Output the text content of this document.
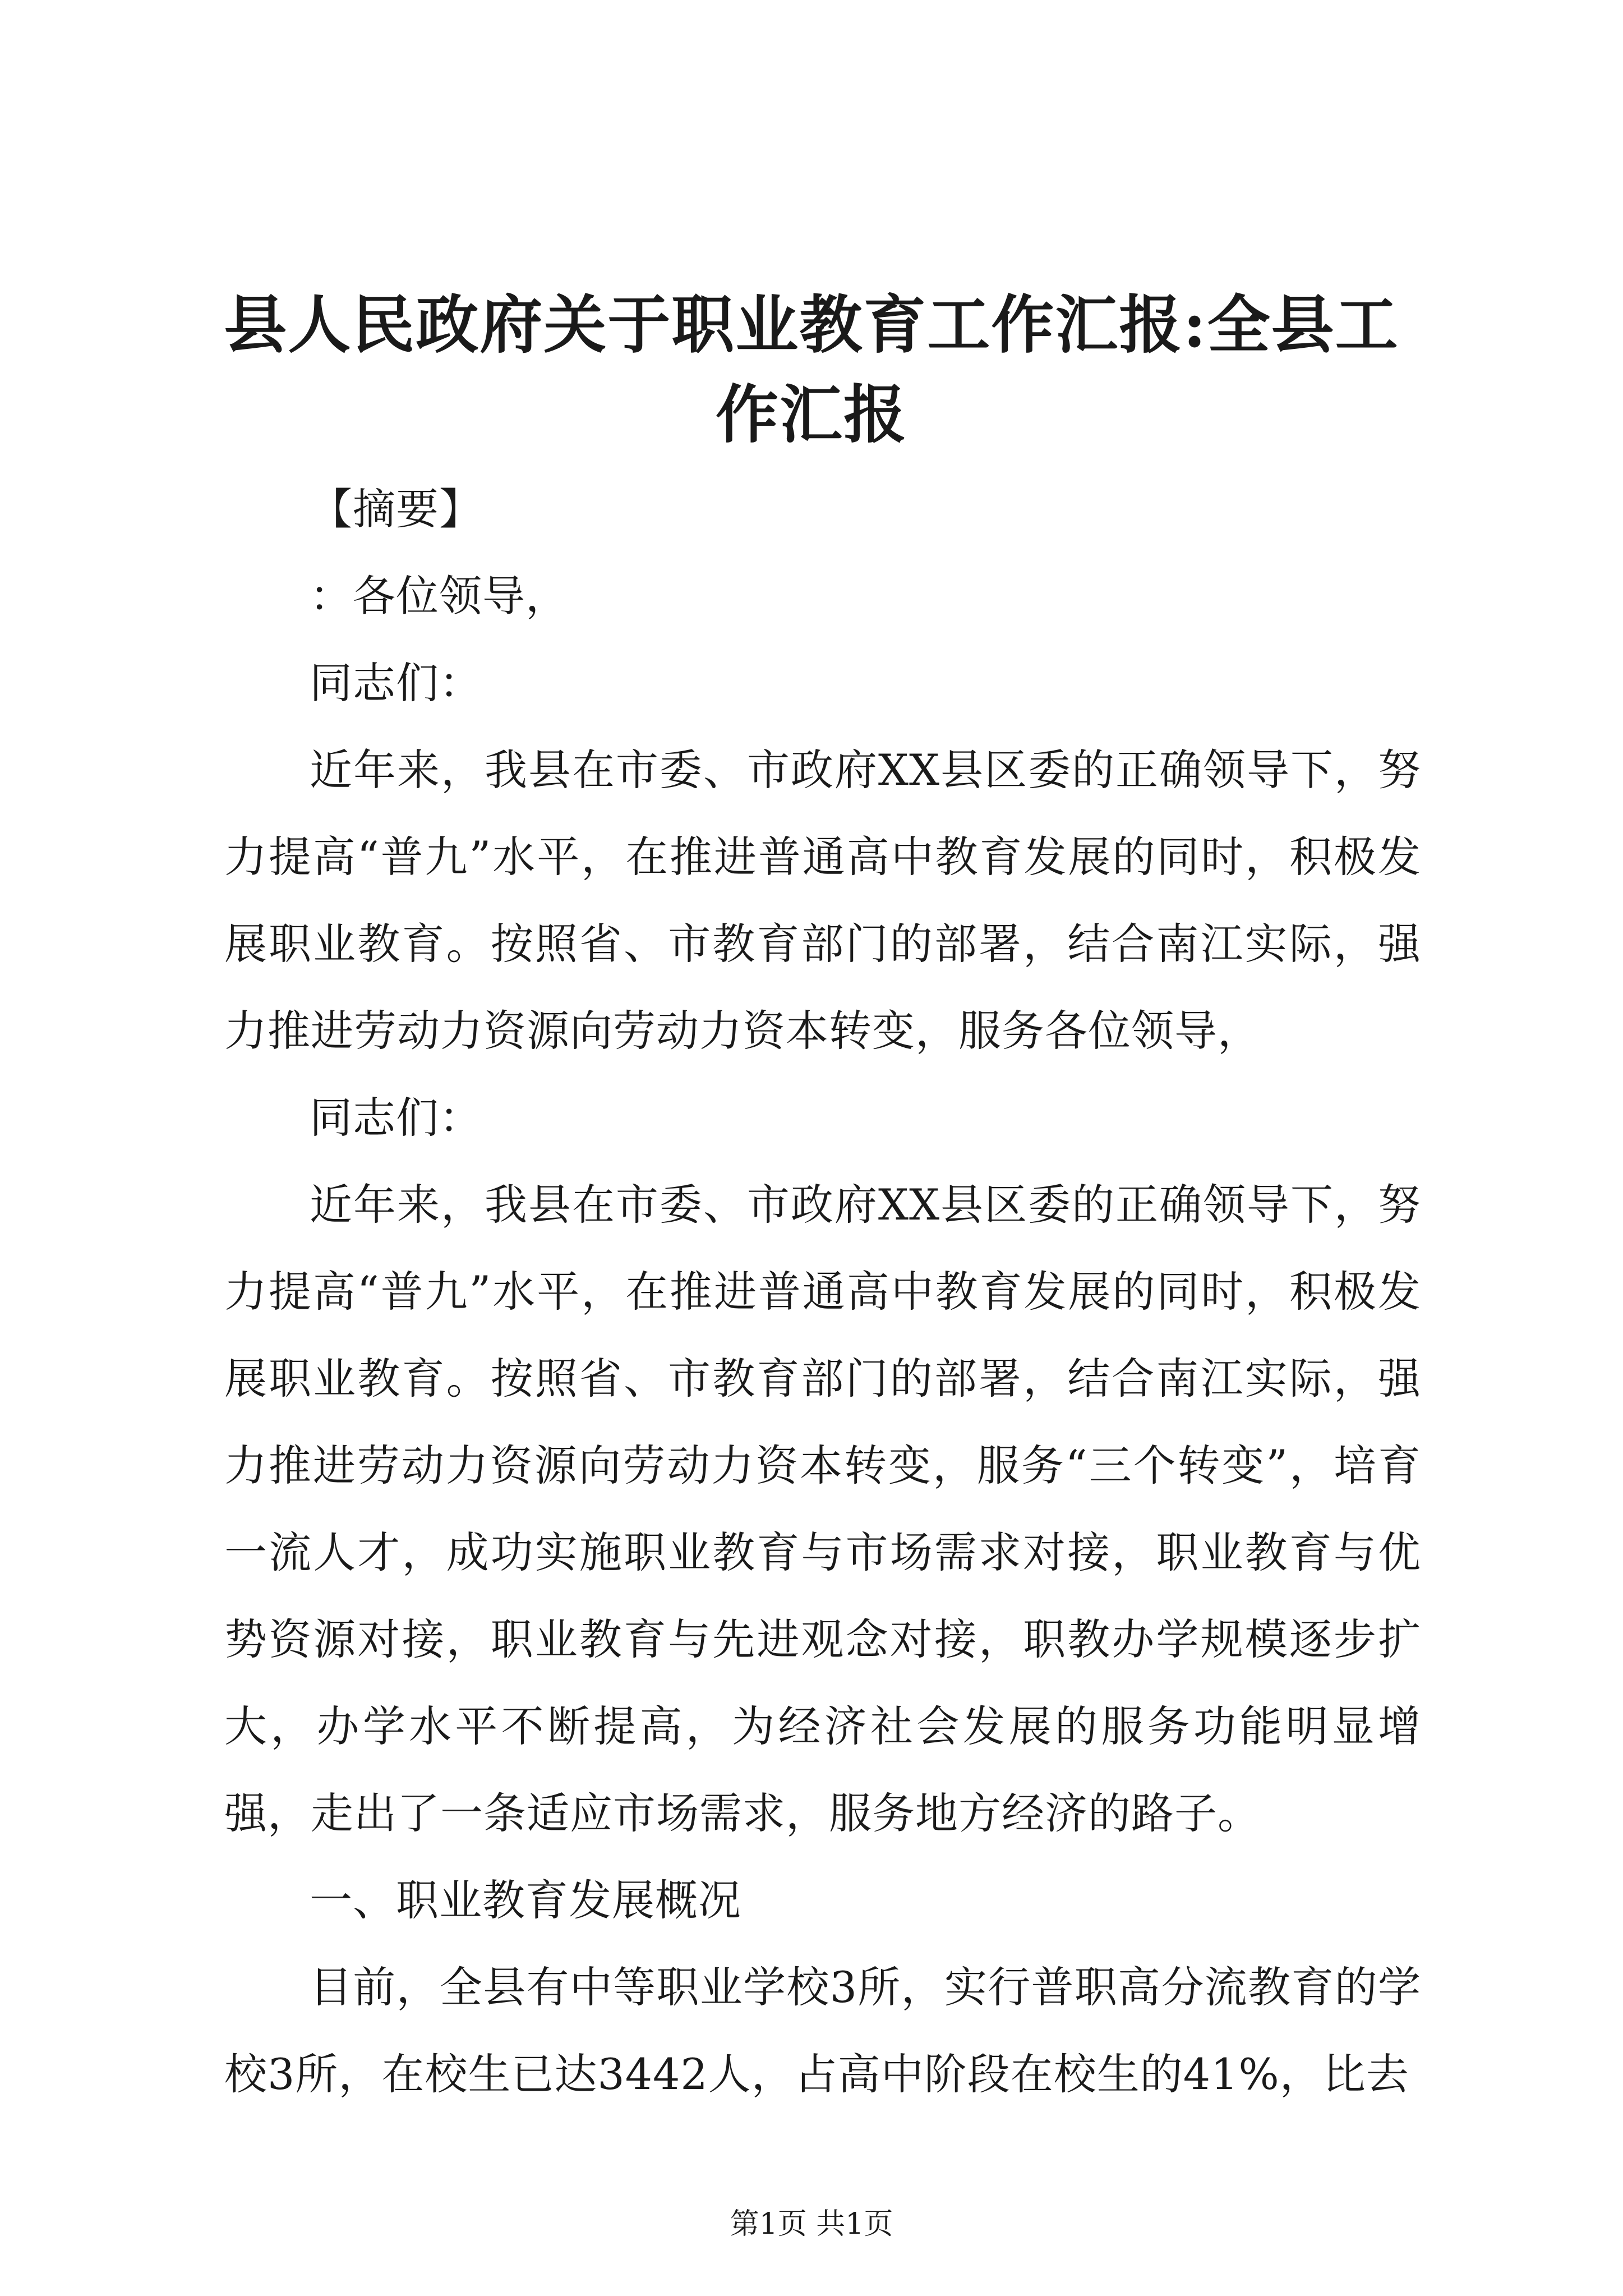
县人民政府关于职业教育工作汇报:全县工作汇报

【摘要】

：各位领导，

同志们：

近年来，我县在市委、市政府XX县区委的正确领导下，努力提高“普九”水平，在推进普通高中教育发展的同时，积极发展职业教育。按照省、市教育部门的部署，结合南江实际，强力推进劳动力资源向劳动力资本转变，服务各位领导，

同志们：

近年来，我县在市委、市政府XX县区委的正确领导下，努力提高“普九”水平，在推进普通高中教育发展的同时，积极发展职业教育。按照省、市教育部门的部署，结合南江实际，强力推进劳动力资源向劳动力资本转变，服务“三个转变”，培育一流人才，成功实施职业教育与市场需求对接，职业教育与优势资源对接，职业教育与先进观念对接，职教办学规模逐步扩大，办学水平不断提高，为经济社会发展的服务功能明显增强，走出了一条适应市场需求，服务地方经济的路子。

一、职业教育发展概况

目前，全县有中等职业学校3所，实行普职高分流教育的学校3所，在校生已达3442人，占高中阶段在校生的41%，比去

第1页 共1页
